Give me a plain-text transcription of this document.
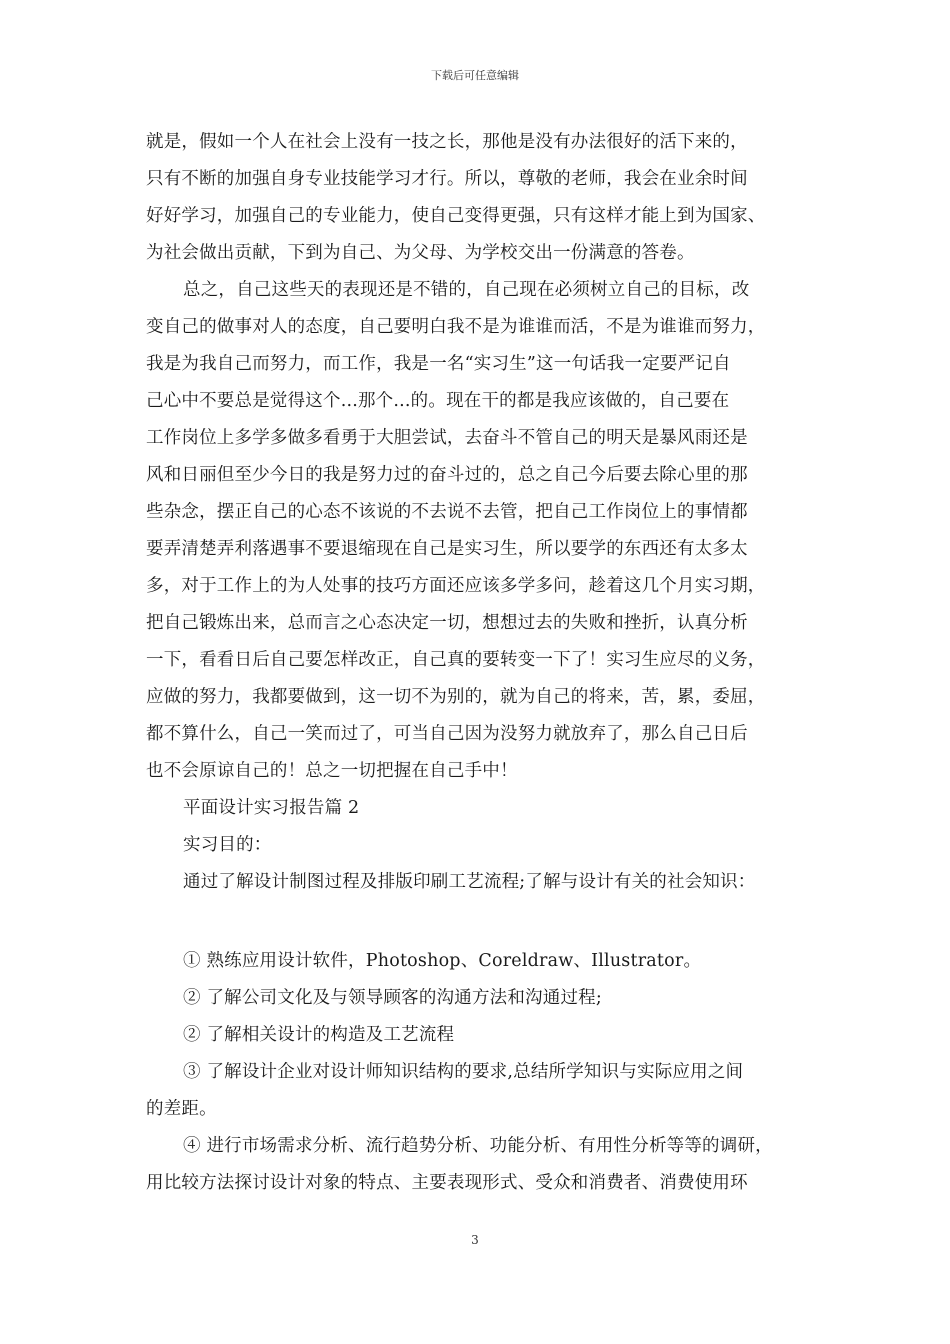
下载后可任意编辑
就是，假如一个人在社会上没有一技之长，那他是没有办法很好的活下来的，
只有不断的加强自身专业技能学习才行。所以，尊敬的老师，我会在业余时间
好好学习，加强自己的专业能力，使自己变得更强，只有这样才能上到为国家、
为社会做出贡献，下到为自己、为父母、为学校交出一份满意的答卷。
总之，自己这些天的表现还是不错的，自己现在必须树立自己的目标，改
变自己的做事对人的态度，自己要明白我不是为谁谁而活，不是为谁谁而努力，
我是为我自己而努力，而工作，我是一名“实习生”这一句话我一定要严记自
己心中不要总是觉得这个...那个...的。现在干的都是我应该做的，自己要在
工作岗位上多学多做多看勇于大胆尝试，去奋斗不管自己的明天是暴风雨还是
风和日丽但至少今日的我是努力过的奋斗过的，总之自己今后要去除心里的那
些杂念，摆正自己的心态不该说的不去说不去管，把自己工作岗位上的事情都
要弄清楚弄利落遇事不要退缩现在自己是实习生，所以要学的东西还有太多太
多，对于工作上的为人处事的技巧方面还应该多学多问，趁着这几个月实习期，
把自己锻炼出来，总而言之心态决定一切，想想过去的失败和挫折，认真分析
一下，看看日后自己要怎样改正，自己真的要转变一下了！实习生应尽的义务，
应做的努力，我都要做到，这一切不为别的，就为自己的将来，苦，累，委屈，
都不算什么，自己一笑而过了，可当自己因为没努力就放弃了，那么自己日后
也不会原谅自己的！总之一切把握在自己手中！
平面设计实习报告篇 2
实习目的：
通过了解设计制图过程及排版印刷工艺流程;了解与设计有关的社会知识：
① 熟练应用设计软件，Photoshop、Coreldraw、Illustrator。
② 了解公司文化及与领导顾客的沟通方法和沟通过程;
② 了解相关设计的构造及工艺流程
③ 了解设计企业对设计师知识结构的要求,总结所学知识与实际应用之间
的差距。
④ 进行市场需求分析、流行趋势分析、功能分析、有用性分析等等的调研，
用比较方法探讨设计对象的特点、主要表现形式、受众和消费者、消费使用环
3
